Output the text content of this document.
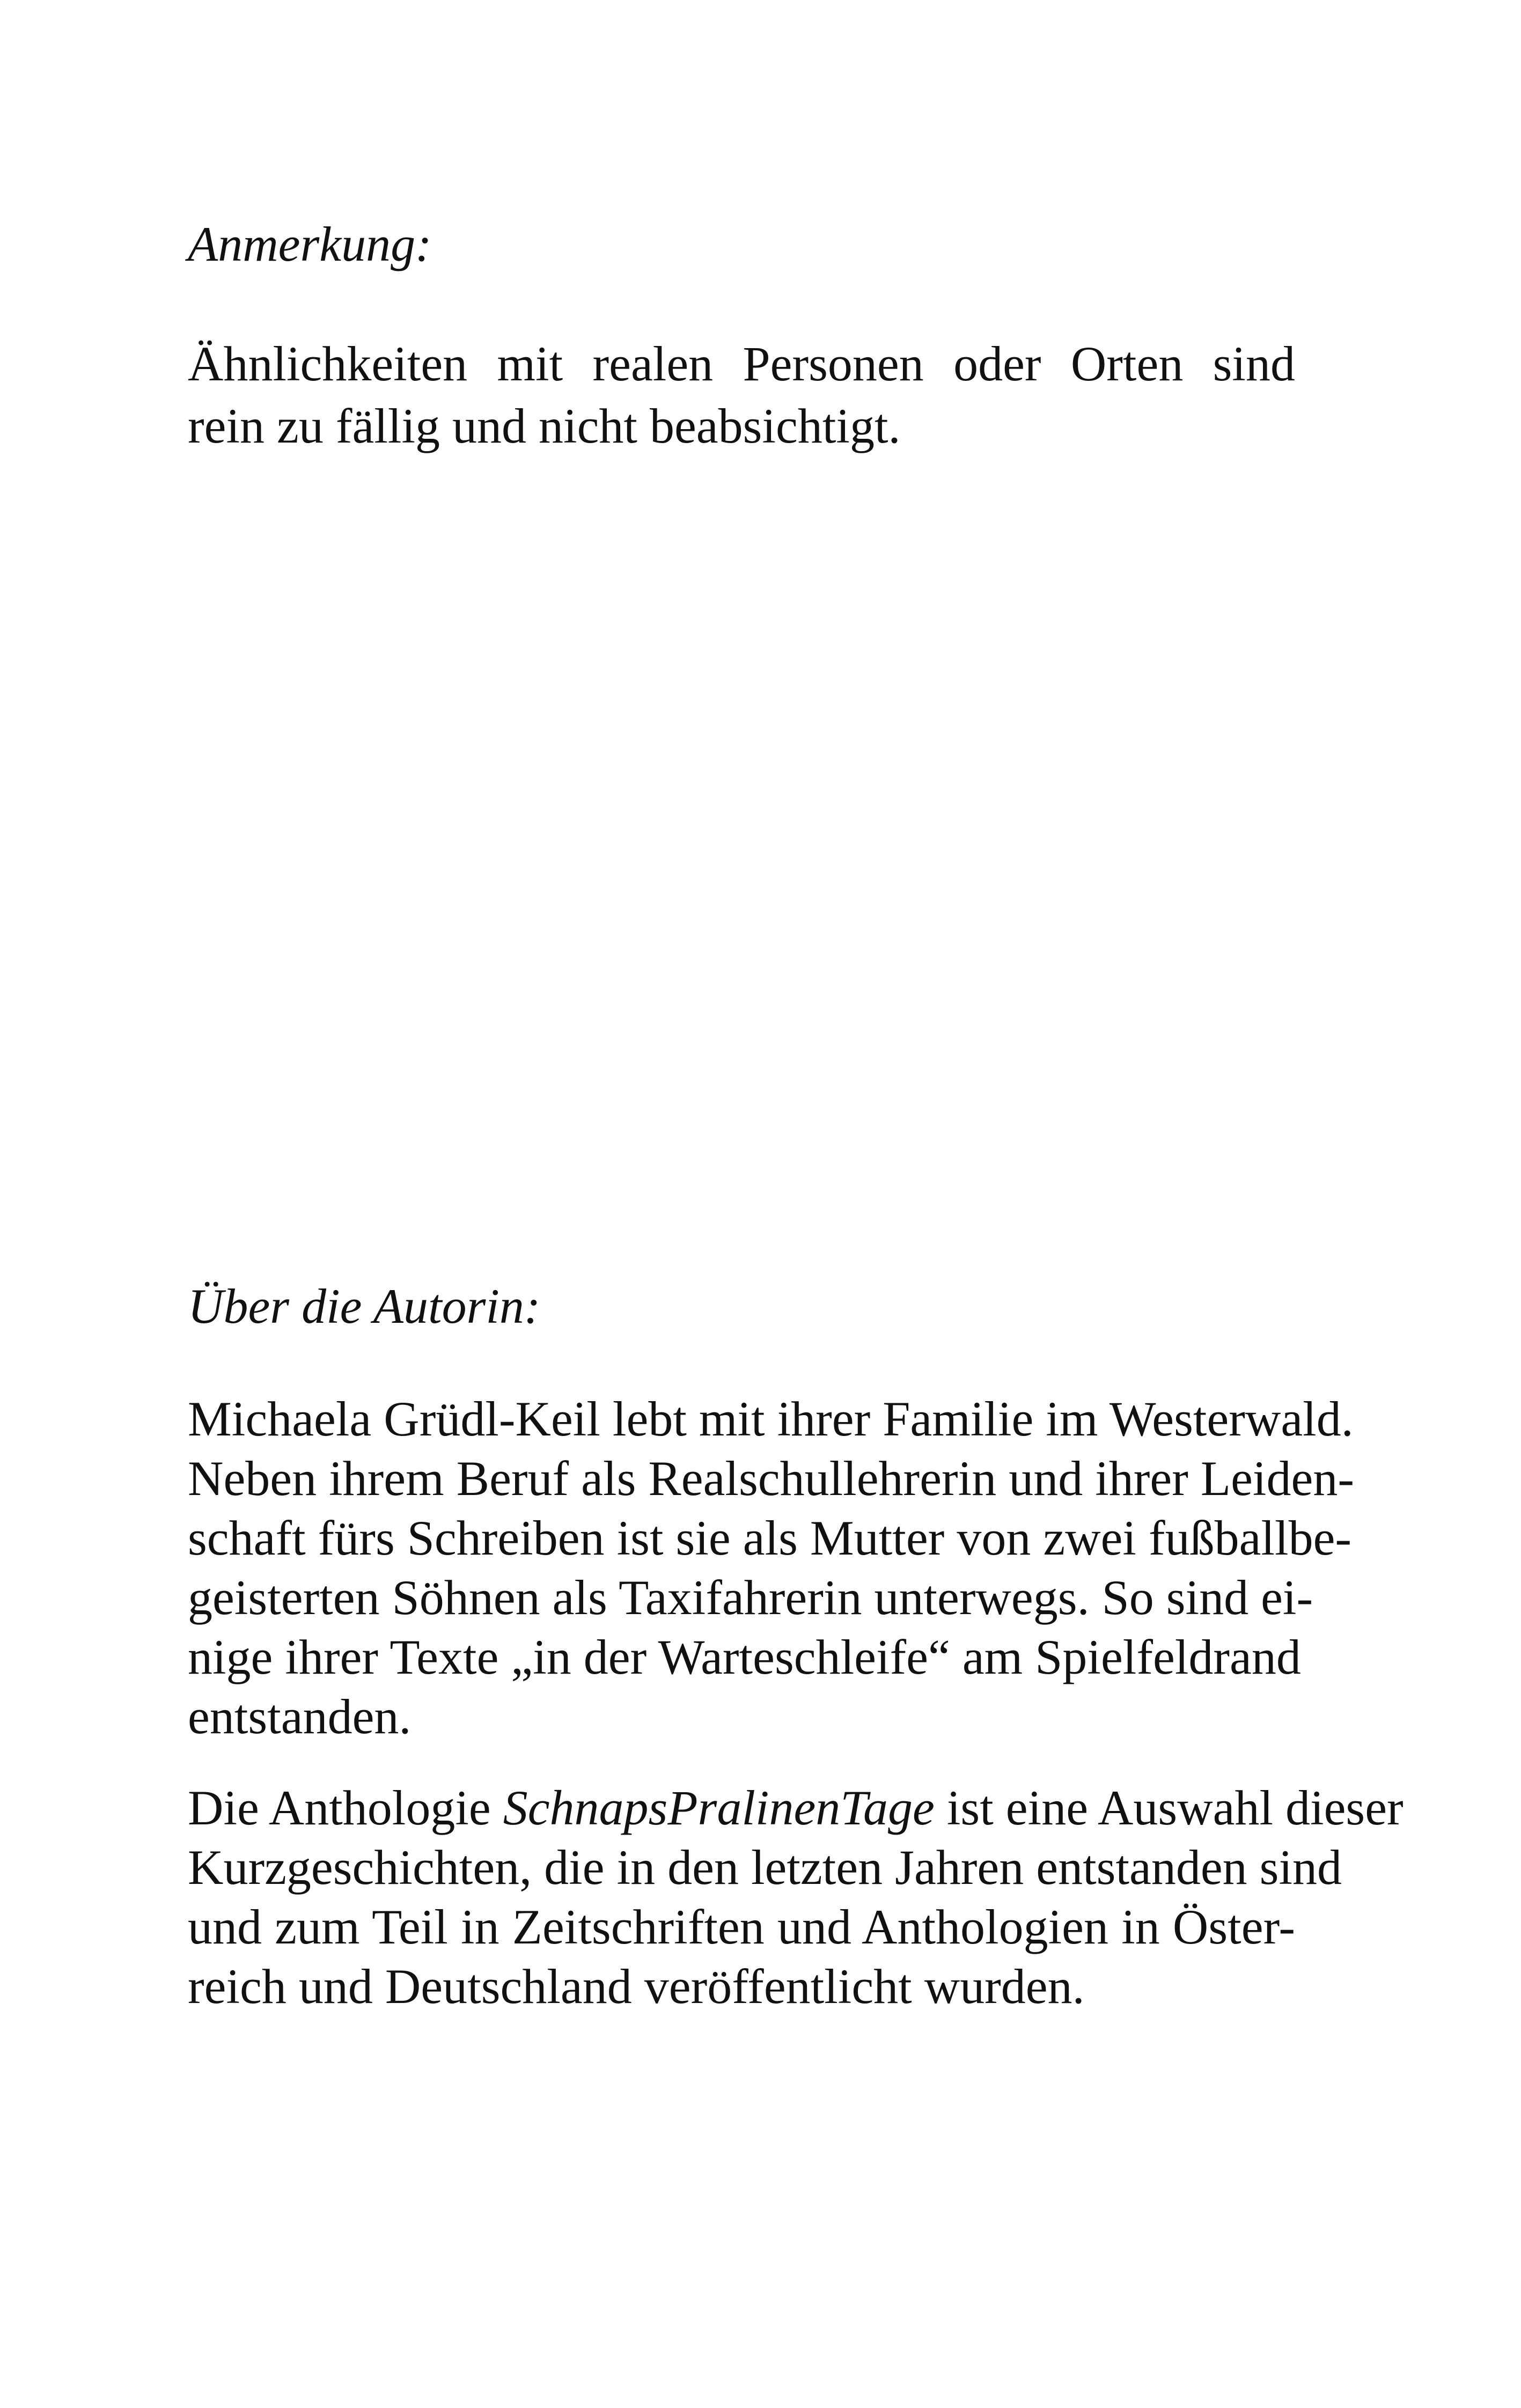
Anmerkung:

Ähnlichkeiten mit realen Personen oder Orten sind
rein zu fällig und nicht beabsichtigt.

Über die Autorin:

Michaela Grüdl-Keil lebt mit ihrer Familie im Westerwald.
Neben ihrem Beruf als Realschullehrerin und ihrer Leiden-
schaft fürs Schreiben ist sie als Mutter von zwei fußballbe-
geisterten Söhnen als Taxifahrerin unterwegs. So sind ei-
nige ihrer Texte „in der Warteschleife“ am Spielfeldrand
entstanden.
Die Anthologie SchnapsPralinenTage ist eine Auswahl dieser
Kurzgeschichten, die in den letzten Jahren entstanden sind
und zum Teil in Zeitschriften und Anthologien in Öster-
reich und Deutschland veröffentlicht wurden.
